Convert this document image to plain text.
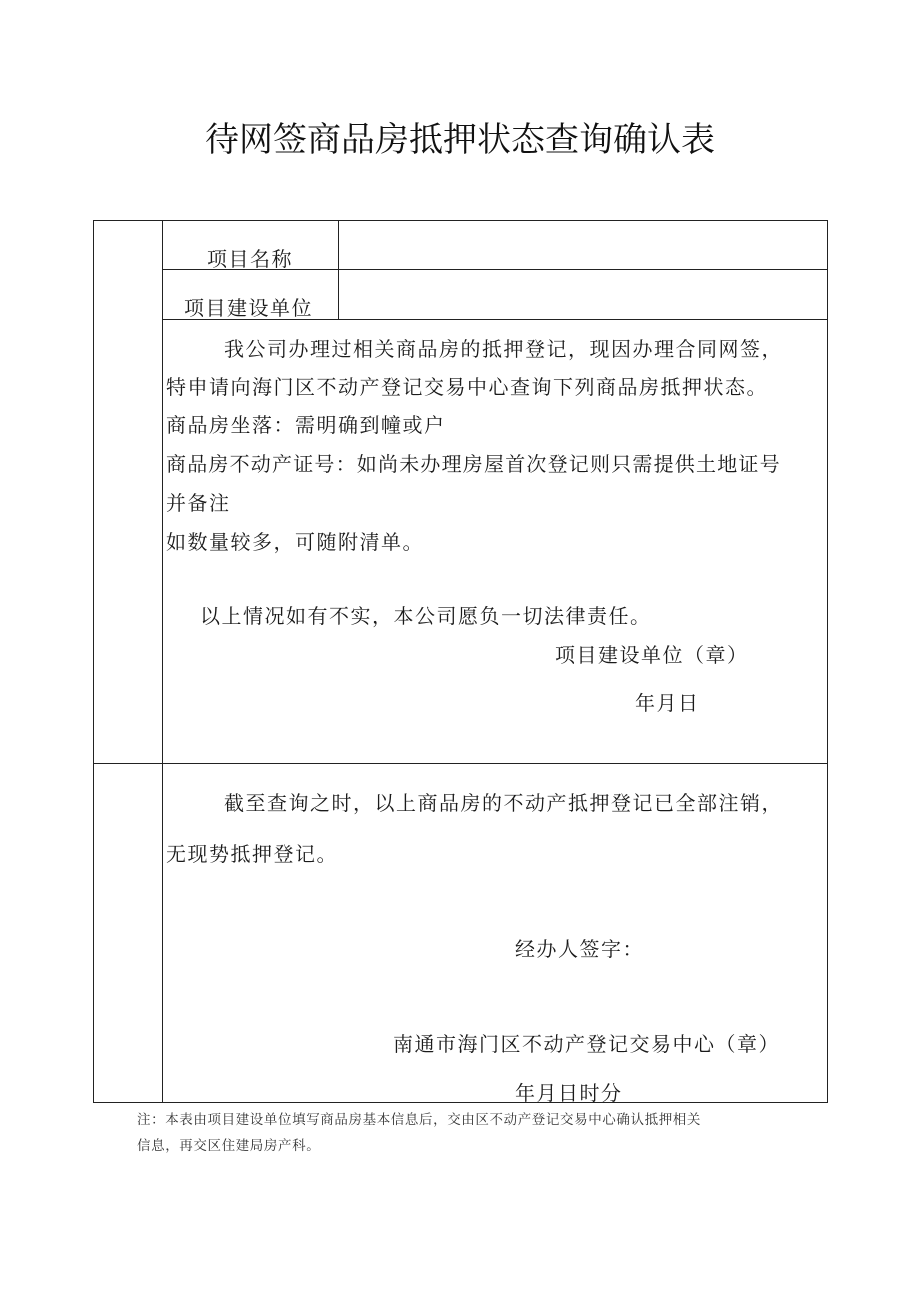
待网签商品房抵押状态查询确认表
项目名称
项目建设单位
我公司办理过相关商品房的抵押登记，现因办理合同网签，
特申请向海门区不动产登记交易中心查询下列商品房抵押状态。
商品房坐落：需明确到幢或户
商品房不动产证号：如尚未办理房屋首次登记则只需提供土地证号
并备注
如数量较多，可随附清单。
以上情况如有不实，本公司愿负一切法律责任。
项目建设单位（章）
年月日
截至查询之时，以上商品房的不动产抵押登记已全部注销，
无现势抵押登记。
经办人签字：
南通市海门区不动产登记交易中心（章）
年月日时分
注：本表由项目建设单位填写商品房基本信息后，交由区不动产登记交易中心确认抵押相关
信息，再交区住建局房产科。
